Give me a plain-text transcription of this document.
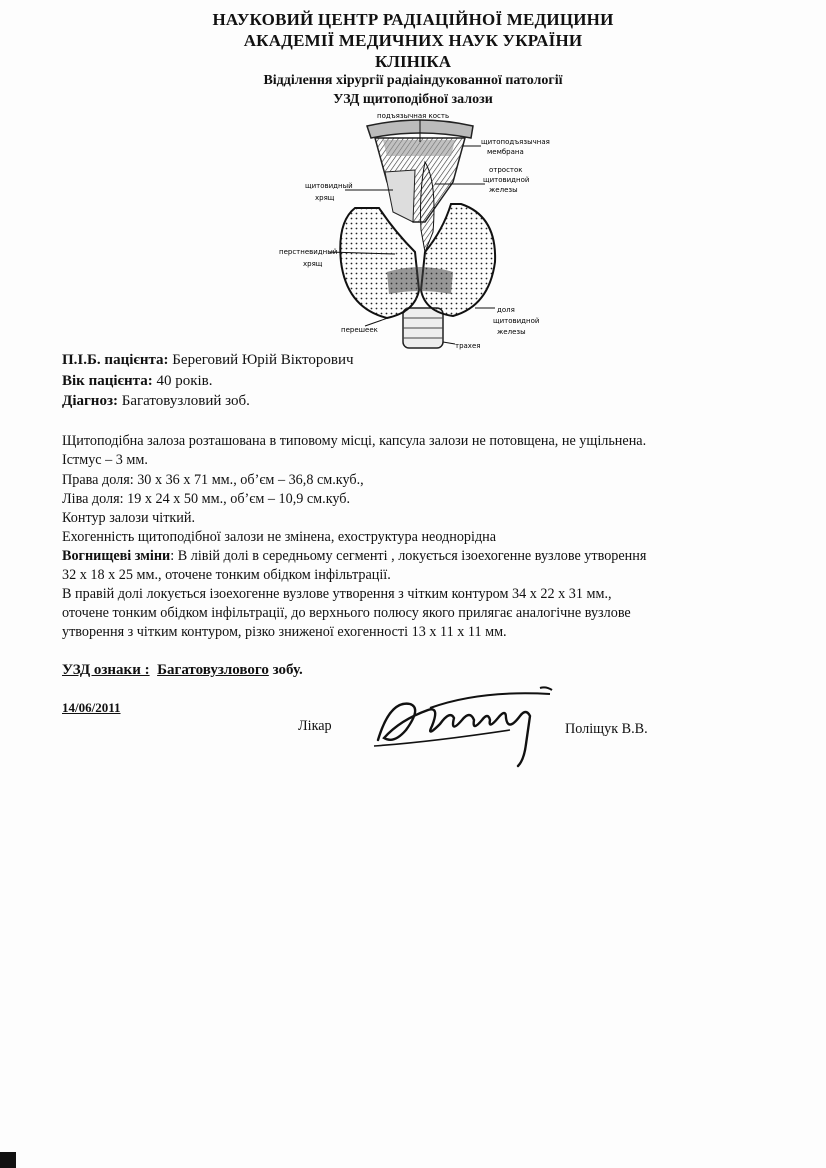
НАУКОВИЙ ЦЕНТР РАДІАЦІЙНОЇ МЕДИЦИНИ
АКАДЕМІЇ МЕДИЧНИХ НАУК УКРАЇНИ
КЛІНІКА
Відділення хірургії радіаіндукованної патології
УЗД щитоподібної залози
подъязычная кость
щитоподъязычная
мембрана
отросток
щитовидной
железы
щитовидный
хрящ
перстневидный
хрящ
доля
щитовидной
железы
перешеек
трахея
П.І.Б. пацієнта: Береговий Юрій Вікторович
Вік пацієнта: 40 років.
Діагноз: Багатовузловий зоб.
Щитоподібна залоза розташована в типовому місці, капсула залози не потовщена, не ущільнена.
Істмус – 3 мм.
Права доля: 30 х 36 х 71 мм., об’єм – 36,8 см.куб.,
Ліва доля: 19 х 24 х 50 мм., об’єм – 10,9 см.куб.
Контур залози чіткий.
Ехогенність щитоподібної залози не змінена, ехоструктура неоднорідна
Вогнищеві зміни: В лівій долі в середньому сегменті , локується ізоехогенне вузлове утворення
32 х 18 х 25 мм., оточене тонким обідком інфільтрації.
В правій долі локується ізоехогенне вузлове утворення з чітким контуром 34 х 22 х 31 мм.,
оточене тонким обідком інфільтрації, до верхнього полюсу якого прилягає аналогічне вузлове
утворення з чітким контуром, різко зниженої ехогенності 13 х 11 х 11 мм.
УЗД ознаки : Багатовузлового зобу.
14/06/2011
Лікар	Поліщук В.В.
